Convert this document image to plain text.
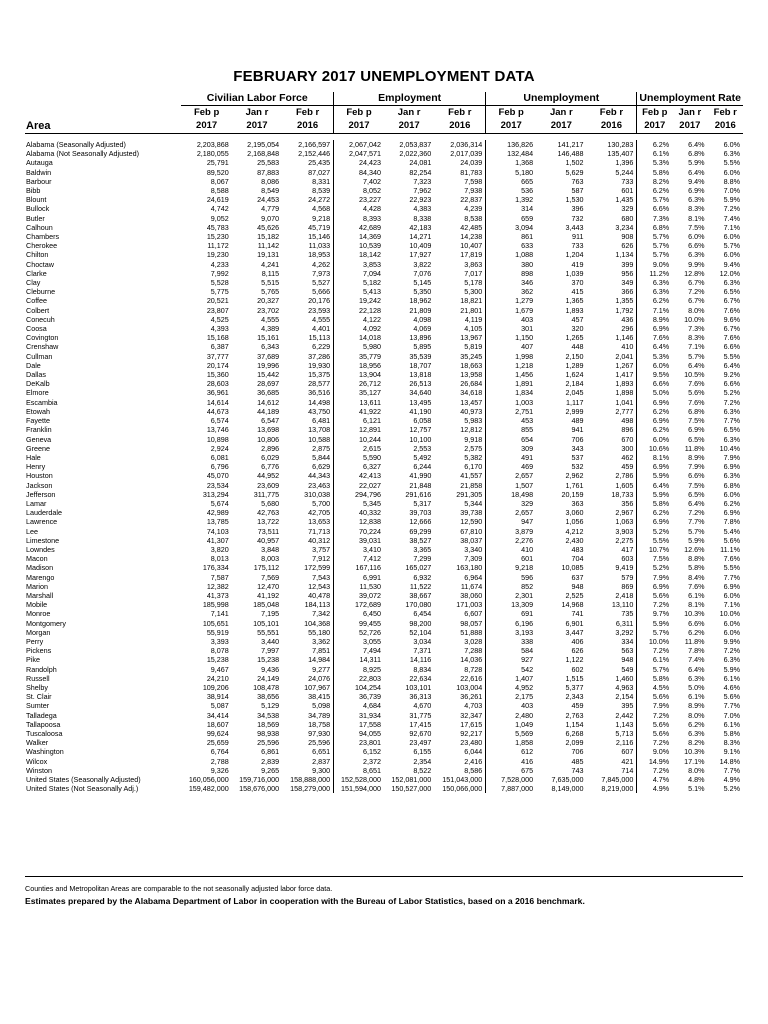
FEBRUARY 2017 UNEMPLOYMENT DATA
	Civilian Labor Force			Employment			Unemployment			Unemployment Rate		
Area	Feb p	Jan r	Feb r	Feb p	Jan r	Feb r	Feb p	Jan r	Feb r	Feb p	Jan r	Feb r
	2017	2017	2016	2017	2017	2016	2017	2017	2016	2017	2017	2016

Alabama (Seasonally Adjusted)	2,203,868	2,195,054	2,166,597	2,067,042	2,053,837	2,036,314	136,826	141,217	130,283	6.2%	6.4%	6.0%
Alabama (Not Seasonally Adjusted)	2,180,055	2,168,848	2,152,446	2,047,571	2,022,360	2,017,039	132,484	146,488	135,407	6.1%	6.8%	6.3%
Autauga	25,791	25,583	25,435	24,423	24,081	24,039	1,368	1,502	1,396	5.3%	5.9%	5.5%
Baldwin	89,520	87,883	87,027	84,340	82,254	81,783	5,180	5,629	5,244	5.8%	6.4%	6.0%
Barbour	8,067	8,086	8,331	7,402	7,323	7,598	665	763	733	8.2%	9.4%	8.8%
Bibb	8,588	8,549	8,539	8,052	7,962	7,938	536	587	601	6.2%	6.9%	7.0%
Blount	24,619	24,453	24,272	23,227	22,923	22,837	1,392	1,530	1,435	5.7%	6.3%	5.9%
Bullock	4,742	4,779	4,568	4,428	4,383	4,239	314	396	329	6.6%	8.3%	7.2%
Butler	9,052	9,070	9,218	8,393	8,338	8,538	659	732	680	7.3%	8.1%	7.4%
Calhoun	45,783	45,626	45,719	42,689	42,183	42,485	3,094	3,443	3,234	6.8%	7.5%	7.1%
Chambers	15,230	15,182	15,146	14,369	14,271	14,238	861	911	908	5.7%	6.0%	6.0%
Cherokee	11,172	11,142	11,033	10,539	10,409	10,407	633	733	626	5.7%	6.6%	5.7%
Chilton	19,230	19,131	18,953	18,142	17,927	17,819	1,088	1,204	1,134	5.7%	6.3%	6.0%
Choctaw	4,233	4,241	4,262	3,853	3,822	3,863	380	419	399	9.0%	9.9%	9.4%
Clarke	7,992	8,115	7,973	7,094	7,076	7,017	898	1,039	956	11.2%	12.8%	12.0%
Clay	5,528	5,515	5,527	5,182	5,145	5,178	346	370	349	6.3%	6.7%	6.3%
Cleburne	5,775	5,765	5,666	5,413	5,350	5,300	362	415	366	6.3%	7.2%	6.5%
Coffee	20,521	20,327	20,176	19,242	18,962	18,821	1,279	1,365	1,355	6.2%	6.7%	6.7%
Colbert	23,807	23,702	23,593	22,128	21,809	21,801	1,679	1,893	1,792	7.1%	8.0%	7.6%
Conecuh	4,525	4,555	4,555	4,122	4,098	4,119	403	457	436	8.9%	10.0%	9.6%
Coosa	4,393	4,389	4,401	4,092	4,069	4,105	301	320	296	6.9%	7.3%	6.7%
Covington	15,168	15,161	15,113	14,018	13,896	13,967	1,150	1,265	1,146	7.6%	8.3%	7.6%
Crenshaw	6,387	6,343	6,229	5,980	5,895	5,819	407	448	410	6.4%	7.1%	6.6%
Cullman	37,777	37,689	37,286	35,779	35,539	35,245	1,998	2,150	2,041	5.3%	5.7%	5.5%
Dale	20,174	19,996	19,930	18,956	18,707	18,663	1,218	1,289	1,267	6.0%	6.4%	6.4%
Dallas	15,360	15,442	15,375	13,904	13,818	13,958	1,456	1,624	1,417	9.5%	10.5%	9.2%
DeKalb	28,603	28,697	28,577	26,712	26,513	26,684	1,891	2,184	1,893	6.6%	7.6%	6.6%
Elmore	36,961	36,685	36,516	35,127	34,640	34,618	1,834	2,045	1,898	5.0%	5.6%	5.2%
Escambia	14,614	14,612	14,498	13,611	13,495	13,457	1,003	1,117	1,041	6.9%	7.6%	7.2%
Etowah	44,673	44,189	43,750	41,922	41,190	40,973	2,751	2,999	2,777	6.2%	6.8%	6.3%
Fayette	6,574	6,547	6,481	6,121	6,058	5,983	453	489	498	6.9%	7.5%	7.7%
Franklin	13,746	13,698	13,708	12,891	12,757	12,812	855	941	896	6.2%	6.9%	6.5%
Geneva	10,898	10,806	10,588	10,244	10,100	9,918	654	706	670	6.0%	6.5%	6.3%
Greene	2,924	2,896	2,875	2,615	2,553	2,575	309	343	300	10.6%	11.8%	10.4%
Hale	6,081	6,029	5,844	5,590	5,492	5,382	491	537	462	8.1%	8.9%	7.9%
Henry	6,796	6,776	6,629	6,327	6,244	6,170	469	532	459	6.9%	7.9%	6.9%
Houston	45,070	44,952	44,343	42,413	41,990	41,557	2,657	2,962	2,786	5.9%	6.6%	6.3%
Jackson	23,534	23,609	23,463	22,027	21,848	21,858	1,507	1,761	1,605	6.4%	7.5%	6.8%
Jefferson	313,294	311,775	310,038	294,796	291,616	291,305	18,498	20,159	18,733	5.9%	6.5%	6.0%
Lamar	5,674	5,680	5,700	5,345	5,317	5,344	329	363	356	5.8%	6.4%	6.2%
Lauderdale	42,989	42,763	42,705	40,332	39,703	39,738	2,657	3,060	2,967	6.2%	7.2%	6.9%
Lawrence	13,785	13,722	13,653	12,838	12,666	12,590	947	1,056	1,063	6.9%	7.7%	7.8%
Lee	74,103	73,511	71,713	70,224	69,299	67,810	3,879	4,212	3,903	5.2%	5.7%	5.4%
Limestone	41,307	40,957	40,312	39,031	38,527	38,037	2,276	2,430	2,275	5.5%	5.9%	5.6%
Lowndes	3,820	3,848	3,757	3,410	3,365	3,340	410	483	417	10.7%	12.6%	11.1%
Macon	8,013	8,003	7,912	7,412	7,299	7,309	601	704	603	7.5%	8.8%	7.6%
Madison	176,334	175,112	172,599	167,116	165,027	163,180	9,218	10,085	9,419	5.2%	5.8%	5.5%
Marengo	7,587	7,569	7,543	6,991	6,932	6,964	596	637	579	7.9%	8.4%	7.7%
Marion	12,382	12,470	12,543	11,530	11,522	11,674	852	948	869	6.9%	7.6%	6.9%
Marshall	41,373	41,192	40,478	39,072	38,667	38,060	2,301	2,525	2,418	5.6%	6.1%	6.0%
Mobile	185,998	185,048	184,113	172,689	170,080	171,003	13,309	14,968	13,110	7.2%	8.1%	7.1%
Monroe	7,141	7,195	7,342	6,450	6,454	6,607	691	741	735	9.7%	10.3%	10.0%
Montgomery	105,651	105,101	104,368	99,455	98,200	98,057	6,196	6,901	6,311	5.9%	6.6%	6.0%
Morgan	55,919	55,551	55,180	52,726	52,104	51,888	3,193	3,447	3,292	5.7%	6.2%	6.0%
Perry	3,393	3,440	3,362	3,055	3,034	3,028	338	406	334	10.0%	11.8%	9.9%
Pickens	8,078	7,997	7,851	7,494	7,371	7,288	584	626	563	7.2%	7.8%	7.2%
Pike	15,238	15,238	14,984	14,311	14,116	14,036	927	1,122	948	6.1%	7.4%	6.3%
Randolph	9,467	9,436	9,277	8,925	8,834	8,728	542	602	549	5.7%	6.4%	5.9%
Russell	24,210	24,149	24,076	22,803	22,634	22,616	1,407	1,515	1,460	5.8%	6.3%	6.1%
Shelby	109,206	108,478	107,967	104,254	103,101	103,004	4,952	5,377	4,963	4.5%	5.0%	4.6%
St. Clair	38,914	38,656	38,415	36,739	36,313	36,261	2,175	2,343	2,154	5.6%	6.1%	5.6%
Sumter	5,087	5,129	5,098	4,684	4,670	4,703	403	459	395	7.9%	8.9%	7.7%
Talladega	34,414	34,538	34,789	31,934	31,775	32,347	2,480	2,763	2,442	7.2%	8.0%	7.0%
Tallapoosa	18,607	18,569	18,758	17,558	17,415	17,615	1,049	1,154	1,143	5.6%	6.2%	6.1%
Tuscaloosa	99,624	98,938	97,930	94,055	92,670	92,217	5,569	6,268	5,713	5.6%	6.3%	5.8%
Walker	25,659	25,596	25,596	23,801	23,497	23,480	1,858	2,099	2,116	7.2%	8.2%	8.3%
Washington	6,764	6,861	6,651	6,152	6,155	6,044	612	706	607	9.0%	10.3%	9.1%
Wilcox	2,788	2,839	2,837	2,372	2,354	2,416	416	485	421	14.9%	17.1%	14.8%
Winston	9,326	9,265	9,300	8,651	8,522	8,586	675	743	714	7.2%	8.0%	7.7%
United States (Seasonally Adjusted)	160,056,000	159,716,000	158,888,000	152,528,000	152,081,000	151,043,000	7,528,000	7,635,000	7,845,000	4.7%	4.8%	4.9%
United States (Not Seasonally Adj.)	159,482,000	158,676,000	158,279,000	151,594,000	150,527,000	150,066,000	7,887,000	8,149,000	8,219,000	4.9%	5.1%	5.2%
Counties and Metropolitan Areas are comparable to the not seasonally adjusted labor force data.
Estimates prepared by the Alabama Department of Labor in cooperation with the Bureau of Labor Statistics, based on a 2016 benchmark.
